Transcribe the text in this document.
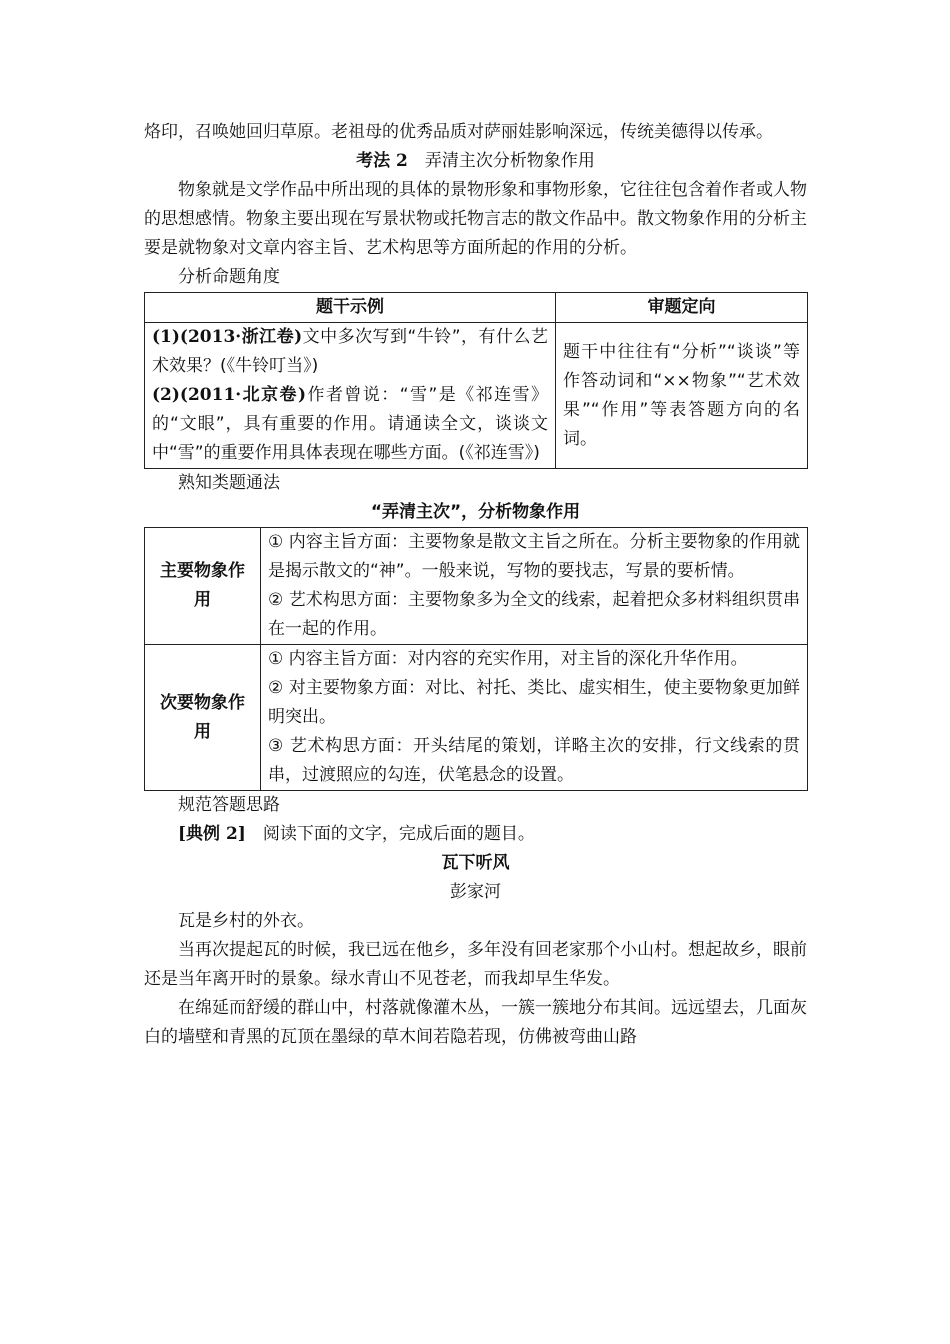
烙印，召唤她回归草原。老祖母的优秀品质对萨丽娃影响深远，传统美德得以传承。

考法 2　 弄清主次分析物象作用

物象就是文学作品中所出现的具体的景物形象和事物形象，它往往包含着作者或人物的思想感情。物象主要出现在写景状物或托物言志的散文作品中。散文物象作用的分析主要是就物象对文章内容主旨、艺术构思等方面所起的作用的分析。

分析命题角度

题干示例	审题定向

(1)(2013·浙江卷)文中多次写到“牛铃”，有什么艺术效果？(《牛铃叮当》)

(2)(2011·北京卷)作者曾说：“雪”是《祁连雪》的“文眼”，具有重要的作用。请通读全文，谈谈文中“雪”的重要作用具体表现在哪些方面。(《祁连雪》)	题干中往往有“分析”“谈谈”等作答动词和“××物象”“艺术效果”“作用”等表答题方向的名词。

熟知类题通法

“弄清主次”，分析物象作用

主要物象作用	① 内容主旨方面：主要物象是散文主旨之所在。分析主要物象的作用就是揭示散文的“神”。一般来说，写物的要找志，写景的要析情。

② 艺术构思方面：主要物象多为全文的线索，起着把众多材料组织贯串在一起的作用。

次要物象作用	① 内容主旨方面：对内容的充实作用，对主旨的深化升华作用。

② 对主要物象方面：对比、衬托、类比、虚实相生，使主要物象更加鲜明突出。

③ 艺术构思方面：开头结尾的策划，详略主次的安排，行文线索的贯串，过渡照应的勾连，伏笔悬念的设置。

规范答题思路

[典例 2]　 阅读下面的文字，完成后面的题目。

瓦下听风

彭家河

瓦是乡村的外衣。

当再次提起瓦的时候，我已远在他乡，多年没有回老家那个小山村。想起故乡，眼前还是当年离开时的景象。绿水青山不见苍老，而我却早生华发。

在绵延而舒缓的群山中，村落就像灌木丛，一簇一簇地分布其间。远远望去，几面灰白的墙壁和青黑的瓦顶在墨绿的草木间若隐若现，仿佛被弯曲山路
